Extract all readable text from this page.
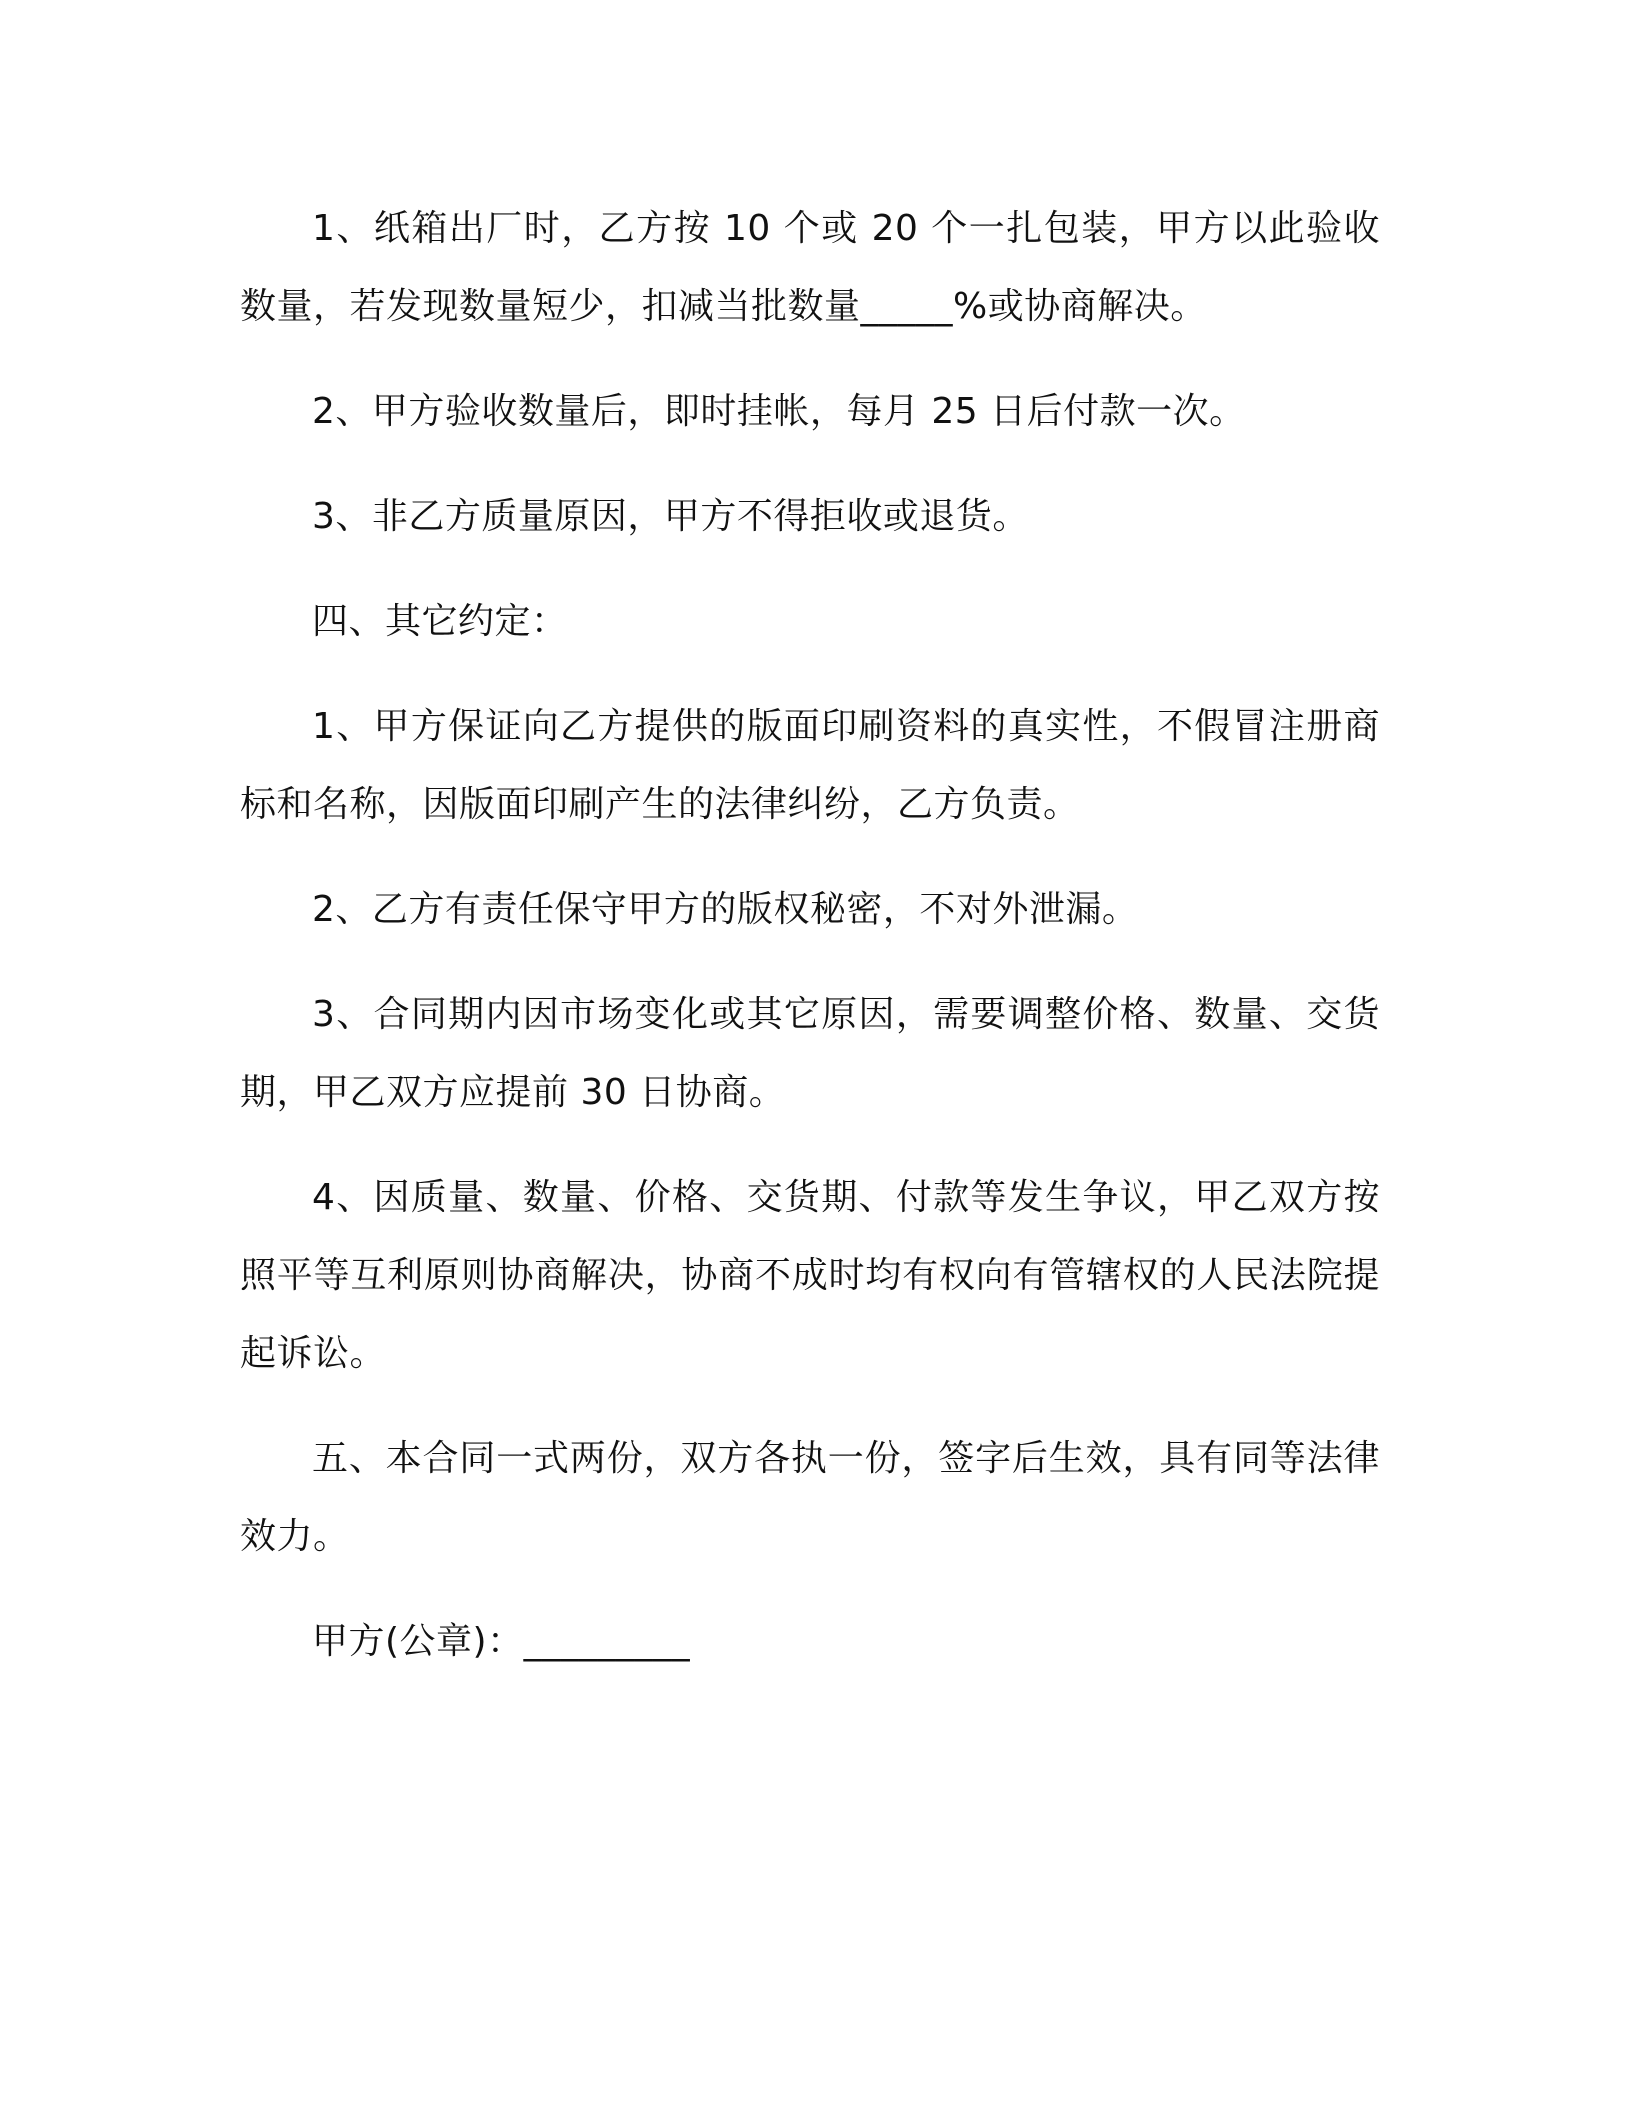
1、纸箱出厂时，乙方按 10 个或 20 个一扎包装，甲方以此验收数量，若发现数量短少，扣减当批数量_____%或协商解决。

2、甲方验收数量后，即时挂帐，每月 25 日后付款一次。

3、非乙方质量原因，甲方不得拒收或退货。

四、其它约定：

1、甲方保证向乙方提供的版面印刷资料的真实性，不假冒注册商标和名称，因版面印刷产生的法律纠纷，乙方负责。

2、乙方有责任保守甲方的版权秘密，不对外泄漏。

3、合同期内因市场变化或其它原因，需要调整价格、数量、交货期，甲乙双方应提前 30 日协商。

4、因质量、数量、价格、交货期、付款等发生争议，甲乙双方按照平等互利原则协商解决，协商不成时均有权向有管辖权的人民法院提起诉讼。

五、本合同一式两份，双方各执一份，签字后生效，具有同等法律效力。

甲方(公章)：_________
